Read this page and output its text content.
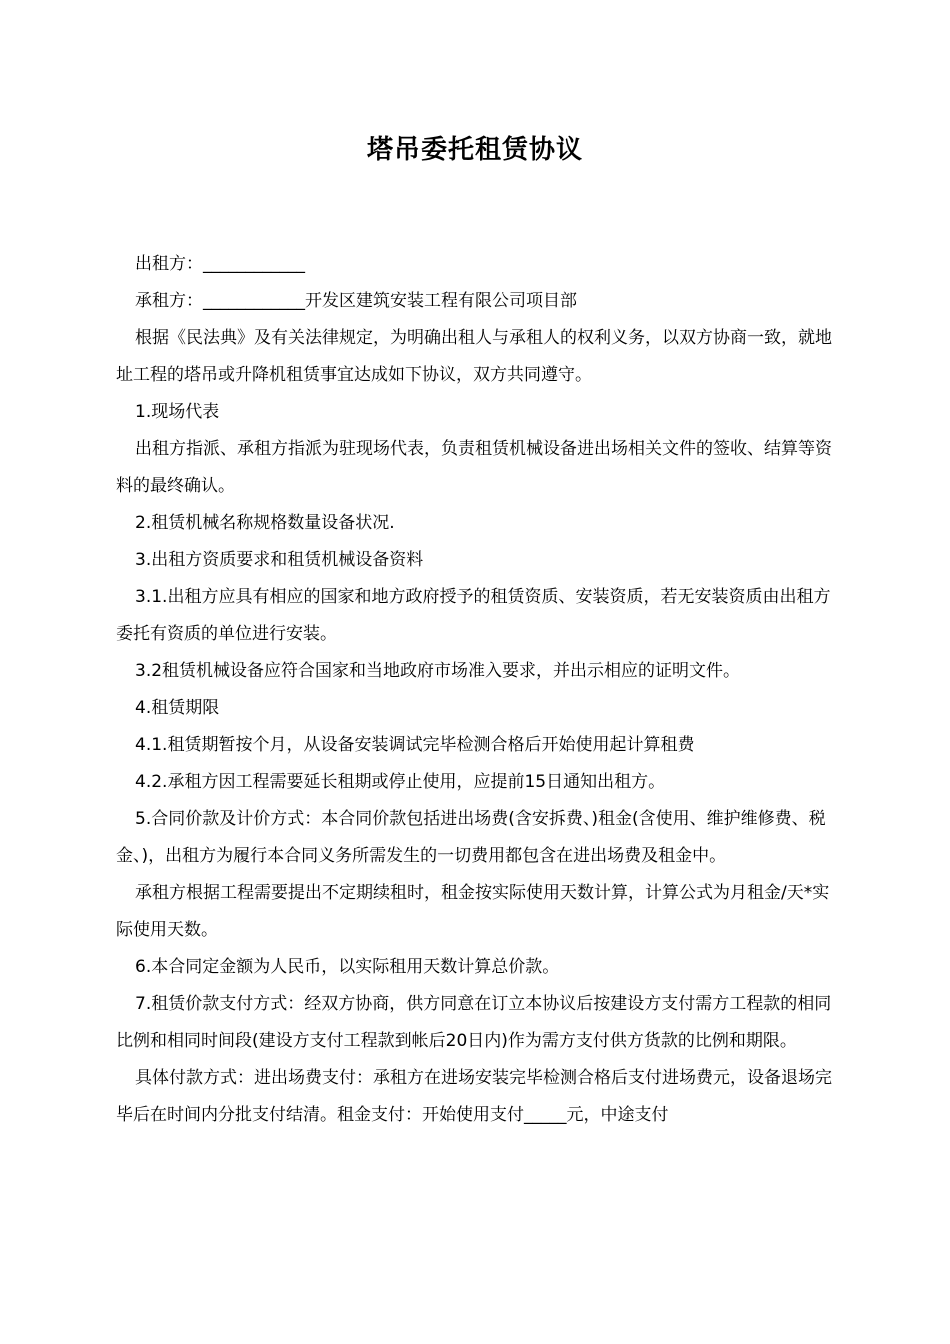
塔吊委托租赁协议

出租方：____________

承租方：____________开发区建筑安装工程有限公司项目部

根据《民法典》及有关法律规定，为明确出租人与承租人的权利义务，以双方协商一致，就地址工程的塔吊或升降机租赁事宜达成如下协议，双方共同遵守。

1.现场代表

出租方指派、承租方指派为驻现场代表，负责租赁机械设备进出场相关文件的签收、结算等资料的最终确认。

2.租赁机械名称规格数量设备状况.

3.出租方资质要求和租赁机械设备资料

3.1.出租方应具有相应的国家和地方政府授予的租赁资质、安装资质，若无安装资质由出租方委托有资质的单位进行安装。

3.2租赁机械设备应符合国家和当地政府市场准入要求，并出示相应的证明文件。

4.租赁期限

4.1.租赁期暂按个月，从设备安装调试完毕检测合格后开始使用起计算租费

4.2.承租方因工程需要延长租期或停止使用，应提前15日通知出租方。

5.合同价款及计价方式：本合同价款包括进出场费(含安拆费、)租金(含使用、维护维修费、税金、)，出租方为履行本合同义务所需发生的一切费用都包含在进出场费及租金中。

承租方根据工程需要提出不定期续租时，租金按实际使用天数计算，计算公式为月租金/天*实际使用天数。

6.本合同定金额为人民币，以实际租用天数计算总价款。

7.租赁价款支付方式：经双方协商，供方同意在订立本协议后按建设方支付需方工程款的相同比例和相同时间段(建设方支付工程款到帐后20日内)作为需方支付供方货款的比例和期限。

具体付款方式：进出场费支付：承租方在进场安装完毕检测合格后支付进场费元，设备退场完毕后在时间内分批支付结清。租金支付：开始使用支付_____元，中途支付
